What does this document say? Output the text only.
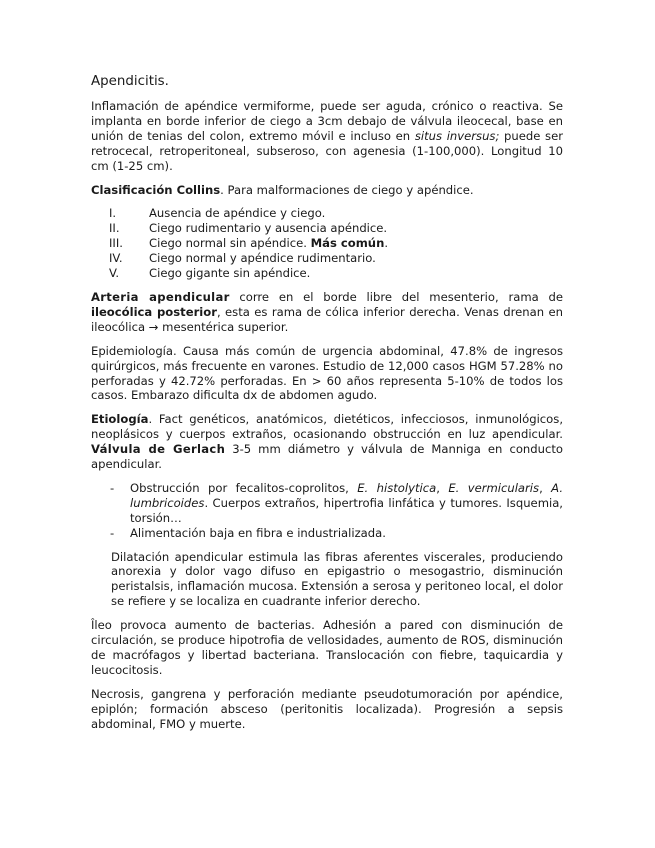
Apendicitis.

Inflamación de apéndice vermiforme, puede ser aguda, crónico o reactiva. Se implanta en borde inferior de ciego a 3cm debajo de válvula ileocecal, base en unión de tenias del colon, extremo móvil e incluso en situs inversus; puede ser retrocecal, retroperitoneal, subseroso, con agenesia (1-100,000). Longitud 10 cm (1-25 cm).

Clasificación Collins. Para malformaciones de ciego y apéndice.

I.	Ausencia de apéndice y ciego.
II.	Ciego rudimentario y ausencia apéndice.
III.	Ciego normal sin apéndice. Más común.
IV.	Ciego normal y apéndice rudimentario.
V.	Ciego gigante sin apéndice.

Arteria apendicular corre en el borde libre del mesenterio, rama de ileocólica posterior, esta es rama de cólica inferior derecha. Venas drenan en ileocólica → mesentérica superior.

Epidemiología. Causa más común de urgencia abdominal, 47.8% de ingresos quirúrgicos, más frecuente en varones. Estudio de 12,000 casos HGM 57.28% no perforadas y 42.72% perforadas. En > 60 años representa 5-10% de todos los casos. Embarazo dificulta dx de abdomen agudo.

Etiología. Fact genéticos, anatómicos, dietéticos, infecciosos, inmunológicos, neoplásicos y cuerpos extraños, ocasionando obstrucción en luz apendicular. Válvula de Gerlach 3-5 mm diámetro y válvula de Manniga en conducto apendicular.

-	Obstrucción por fecalitos-coprolitos, E. histolytica, E. vermicularis, A. lumbricoides. Cuerpos extraños, hipertrofia linfática y tumores. Isquemia, torsión…
-	Alimentación baja en fibra e industrializada.

Dilatación apendicular estimula las fibras aferentes viscerales, produciendo anorexia y dolor vago difuso en epigastrio o mesogastrio, disminución peristalsis, inflamación mucosa. Extensión a serosa y peritoneo local, el dolor se refiere y se localiza en cuadrante inferior derecho.

Îleo provoca aumento de bacterias. Adhesión a pared con disminución de circulación, se produce hipotrofia de vellosidades, aumento de ROS, disminución de macrófagos y libertad bacteriana. Translocación con fiebre, taquicardia y leucocitosis.

Necrosis, gangrena y perforación mediante pseudotumoración por apéndice, epiplón; formación absceso (peritonitis localizada). Progresión a sepsis abdominal, FMO y muerte.
